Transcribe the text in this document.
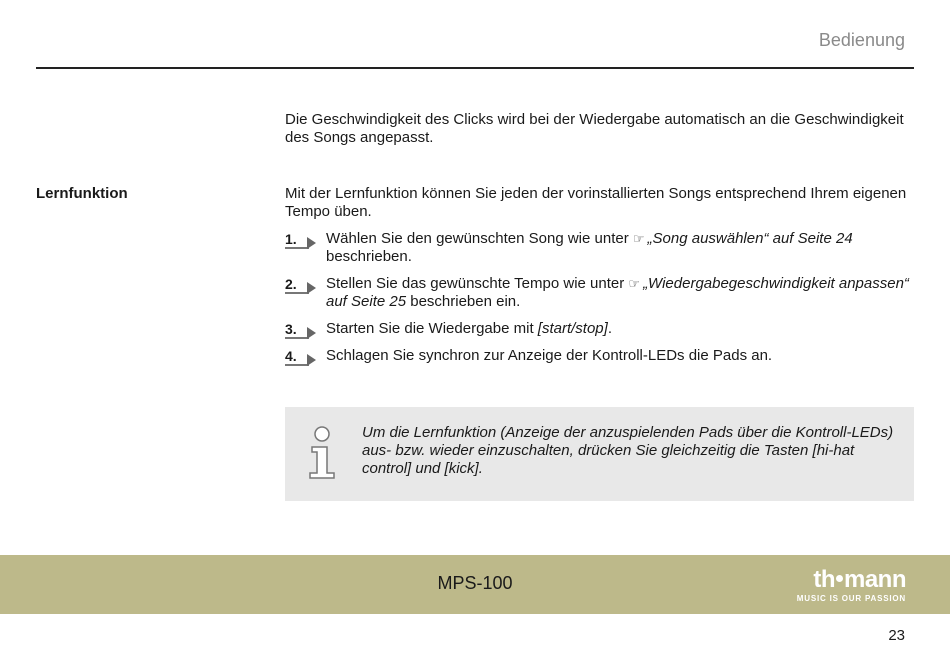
Bedienung
Die Geschwindigkeit des Clicks wird bei der Wiedergabe automatisch an die Geschwindigkeit des Songs angepasst.
Lernfunktion	Mit der Lernfunktion können Sie jeden der vorinstallierten Songs entsprechend Ihrem eigenen Tempo üben.
1.	Wählen Sie den gewünschten Song wie unter ☞ „Song auswählen“ auf Seite 24 beschrieben.
2.	Stellen Sie das gewünschte Tempo wie unter ☞ „Wiedergabegeschwindigkeit anpassen“ auf Seite 25 beschrieben ein.
3.	Starten Sie die Wiedergabe mit [start/stop].
4.	Schlagen Sie synchron zur Anzeige der Kontroll-LEDs die Pads an.
Um die Lernfunktion (Anzeige der anzuspielenden Pads über die Kontroll-LEDs) aus- bzw. wieder einzuschalten, drücken Sie gleichzeitig die Tasten [hi-hat control] und [kick].
MPS-100	th mann
MUSIC IS OUR PASSION
23
